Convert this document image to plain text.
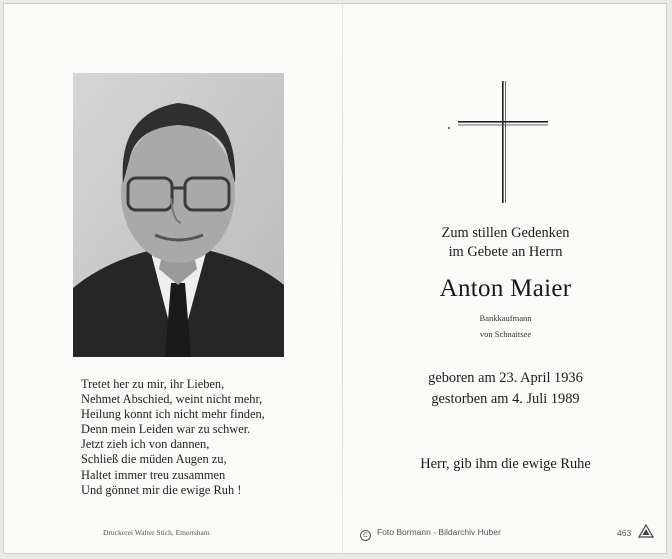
Tretet her zu mir, ihr Lieben,
Nehmet Abschied, weint nicht mehr,
Heilung konnt ich nicht mehr finden,
Denn mein Leiden war zu schwer.
Jetzt zieh ich von dannen,
Schließ die müden Augen zu,
Haltet immer treu zusammen
Und gönnet mir die ewige Ruh !
Druckerei Walter Stich, Emertsham
Zum stillen Gedenken
im Gebete an Herrn
Anton Maier
Bankkaufmann
von Schnaitsee
geboren am 23. April 1936
gestorben am 4. Juli 1989
Herr, gib ihm die ewige Ruhe
C Foto Bormann - Bildarchiv Huber	463
